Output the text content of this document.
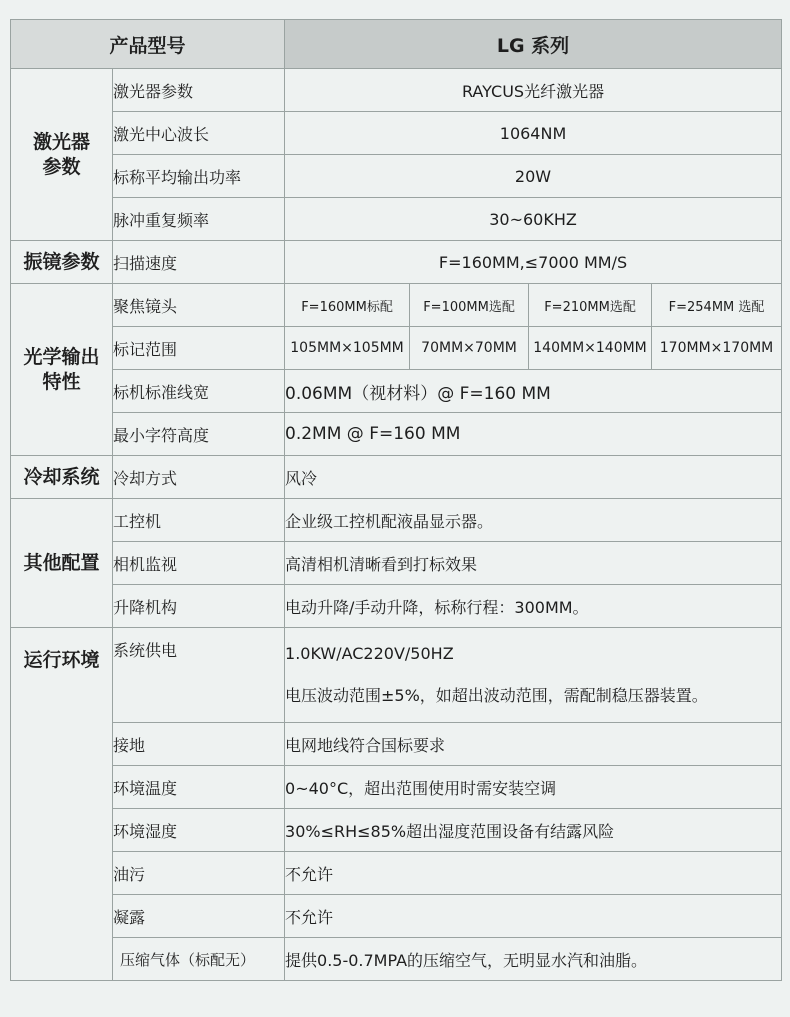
产品型号		LG 系列			

激光器参数	激光器参数	RAYCUS光纤激光器			
	激光中心波长	1064NM			
	标称平均输出功率	20W			
	脉冲重复频率	30~60KHZ			
振镜参数	扫描速度	F=160MM,≤7000 MM/S			

光学输出特性	聚焦镜头	F=160MM标配	F=100MM选配	F=210MM选配	F=254MM 选配
	标记范围	105MM×105MM	70MM×70MM	140MM×140MM	170MM×170MM
	标机标准线宽	0.06MM（视材料）@ F=160 MM			
	最小字符高度	0.2MM @ F=160 MM			
冷却系统	冷却方式	风冷			
其他配置	工控机	企业级工控机配液晶显示器。			
	相机监视	高清相机清晰看到打标效果			
	升降机构	电动升降/手动升降，标称行程：300MM。			
运行环境	系统供电	1.0KW/AC220V/50HZ
电压波动范围±5%，如超出波动范围，需配制稳压器装置。			

	接地	电网地线符合国标要求			
	环境温度	0~40°C，超出范围使用时需安装空调			
	环境湿度	30%≤RH≤85%超出湿度范围设备有结露风险			
	油污	不允许			
	凝露	不允许			
	压缩气体（标配无）	提供0.5-0.7MPA的压缩空气，无明显水汽和油脂。			
